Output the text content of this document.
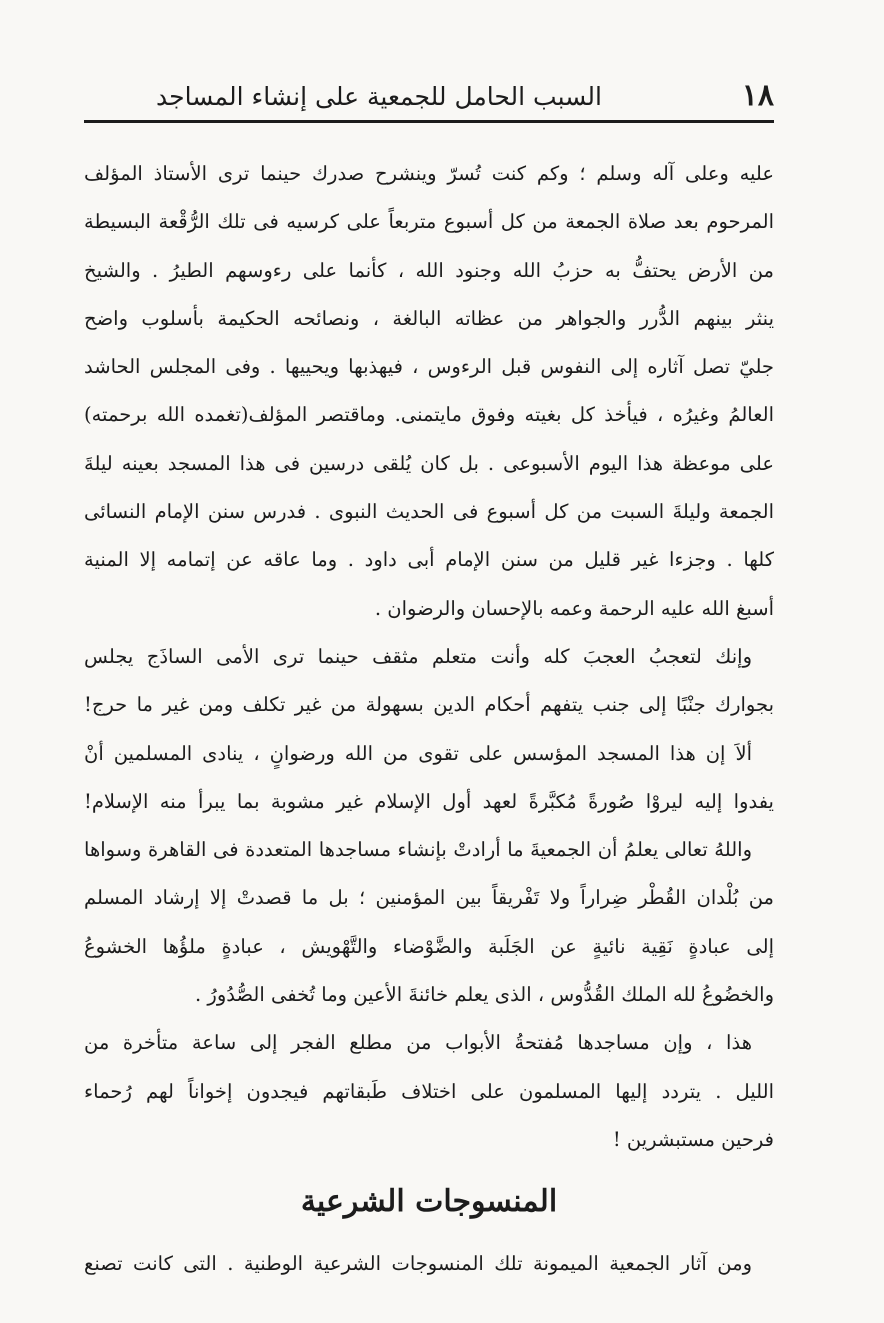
١٨
السبب الحامل للجمعية على إنشاء المساجد
عليه وعلى آله وسلم ؛ وكم كنت تُسرّ وينشرح صدرك حينما ترى الأستاذ المؤلف
المرحوم بعد صلاة الجمعة من كل أسبوع متربعاً على كرسيه فى تلك الرُّقْعة البسيطة
من الأرض يحتفُّ به حزبُ الله وجنود الله ، كأنما على رءوسهم الطيرُ . والشيخ
ينثر بينهم الدُّرر والجواهر من عظاته البالغة ، ونصائحه الحكيمة بأسلوب واضح
جليّ تصل آثاره إلى النفوس قبل الرءوس ، فيهذبها ويحييها . وفى المجلس الحاشد
العالمُ وغيرُه ، فيأخذ كل بغيته وفوق مايتمنى. وماقتصر المؤلف(تغمده الله برحمته)
على موعظة هذا اليوم الأسبوعى . بل كان يُلقى درسين فى هذا المسجد بعينه ليلةَ
الجمعة وليلةَ السبت من كل أسبوع فى الحديث النبوى . فدرس سنن الإمام النسائى
كلها . وجزءا غير قليل من سنن الإمام أبى داود . وما عاقه عن إتمامه إلا المنية
أسبغ الله عليه الرحمة وعمه بالإحسان والرضوان .
وإنك لتعجبُ العجبَ كله وأنت متعلم مثقف حينما ترى الأمى الساذَج يجلس
بجوارك جنْبًا إلى جنب يتفهم أحكام الدين بسهولة من غير تكلف ومن غير ما حرج!
ألاَ إن هذا المسجد المؤسس على تقوى من الله ورضوانٍ ، ينادى المسلمين أنْ
يفدوا إليه ليروْا صُورةً مُكبَّرةً لعهد أول الإسلام غير مشوبة بما يبرأ منه الإسلام!
واللهُ تعالى يعلمُ أن الجمعيةَ ما أرادتْ بإنشاء مساجدها المتعددة فى القاهرة وسواها
من بُلْدان القُطْر ضِراراً ولا تَفْريقاً بين المؤمنين ؛ بل ما قصدتْ إلا إرشاد المسلم
إلى عبادةٍ نَقِية نائيةٍ عن الجَلَبة والضَّوْضاء والتَّهْويش ، عبادةٍ ملؤُها الخشوعُ
والخضُوعُ لله الملك القُدُّوس ، الذى يعلم خائنةَ الأعين وما تُخفى الصُّدُورُ .
هذا ، وإن مساجدها مُفتحةُ الأبواب من مطلع الفجر إلى ساعة متأخرة من
الليل . يتردد إليها المسلمون على اختلاف طَبقاتهم فيجدون إخواناً لهم رُحماء
فرحين مستبشرين !
المنسوجات الشرعية
ومن آثار الجمعية الميمونة تلك المنسوجات الشرعية الوطنية . التى كانت تصنع
